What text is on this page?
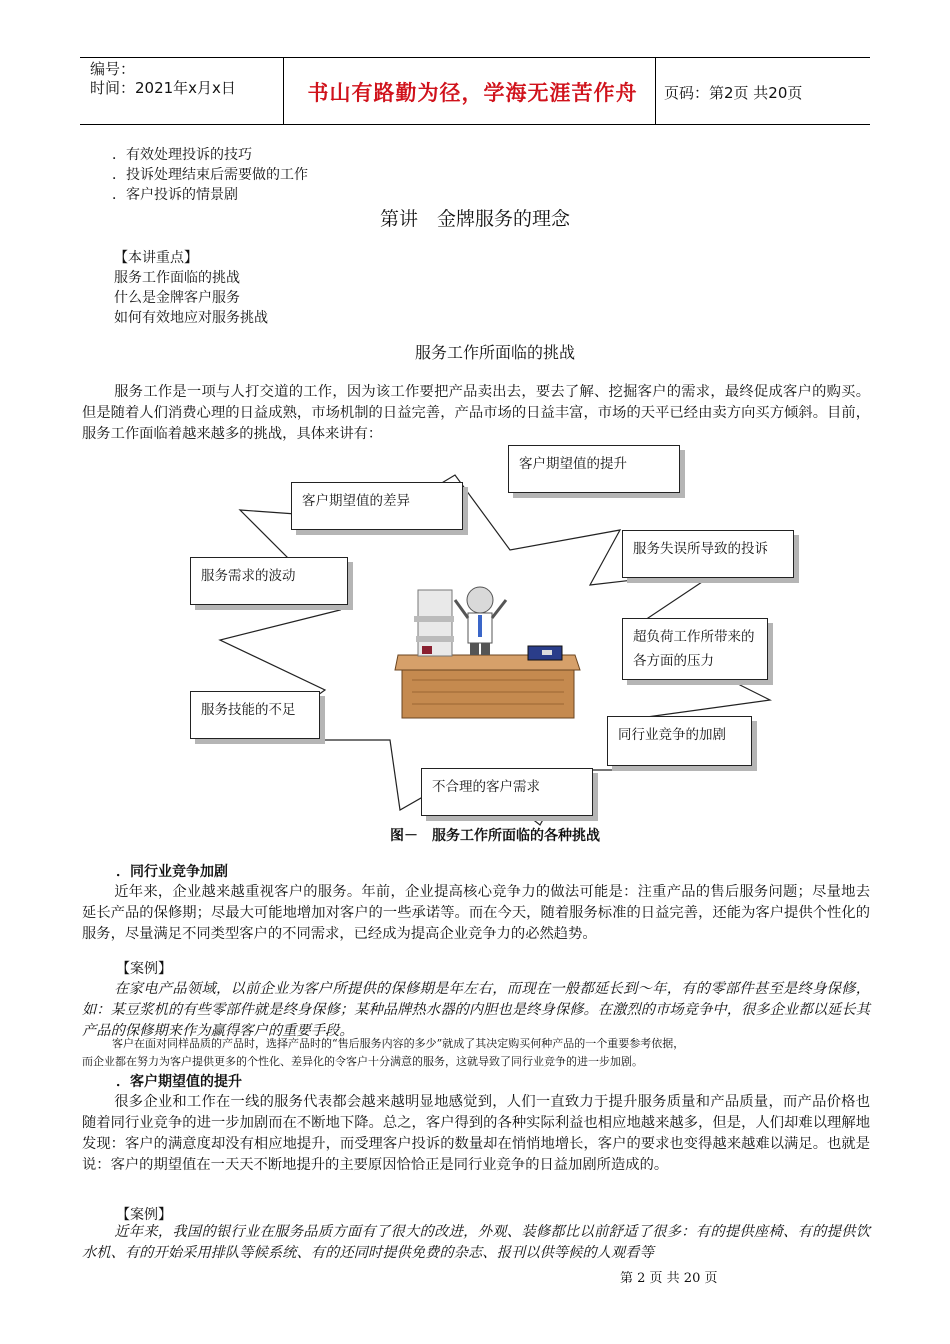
编号：
时间：2021年x月x日	书山有路勤为径，学海无涯苦作舟	页码：第2页 共20页
．有效处理投诉的技巧
．投诉处理结束后需要做的工作
．客户投诉的情景剧
第讲　金牌服务的理念
【本讲重点】
服务工作面临的挑战
什么是金牌客户服务
如何有效地应对服务挑战
服务工作所面临的挑战
服务工作是一项与人打交道的工作，因为该工作要把产品卖出去，要去了解、挖掘客户的需求，最终促成客户的购买。但是随着人们消费心理的日益成熟，市场机制的日益完善，产品市场的日益丰富，市场的天平已经由卖方向买方倾斜。目前，服务工作面临着越来越多的挑战，具体来讲有：
客户期望值的提升
客户期望值的差异
服务失误所导致的投诉
服务需求的波动
超负荷工作所带来的各方面的压力
服务技能的不足
同行业竞争的加剧
不合理的客户需求
图－　服务工作所面临的各种挑战
．同行业竞争加剧
近年来，企业越来越重视客户的服务。年前，企业提高核心竞争力的做法可能是：注重产品的售后服务问题；尽量地去延长产品的保修期；尽最大可能地增加对客户的一些承诺等。而在今天，随着服务标准的日益完善，还能为客户提供个性化的服务，尽量满足不同类型客户的不同需求，已经成为提高企业竞争力的必然趋势。
【案例】
在家电产品领域，以前企业为客户所提供的保修期是年左右，而现在一般都延长到～年，有的零部件甚至是终身保修，如：某豆浆机的有些零部件就是终身保修；某种品牌热水器的内胆也是终身保修。在激烈的市场竞争中，很多企业都以延长其产品的保修期来作为赢得客户的重要手段。
客户在面对同样品质的产品时，选择产品时的“售后服务内容的多少”就成了其决定购买何种产品的一个重要参考依据，
而企业都在努力为客户提供更多的个性化、差异化的令客户十分满意的服务，这就导致了同行业竞争的进一步加剧。
．客户期望值的提升
很多企业和工作在一线的服务代表都会越来越明显地感觉到，人们一直致力于提升服务质量和产品质量，而产品价格也随着同行业竞争的进一步加剧而在不断地下降。总之，客户得到的各种实际利益也相应地越来越多，但是，人们却难以理解地发现：客户的满意度却没有相应地提升，而受理客户投诉的数量却在悄悄地增长，客户的要求也变得越来越难以满足。也就是说：客户的期望值在一天天不断地提升的主要原因恰恰正是同行业竞争的日益加剧所造成的。
【案例】
近年来，我国的银行业在服务品质方面有了很大的改进，外观、装修都比以前舒适了很多：有的提供座椅、有的提供饮水机、有的开始采用排队等候系统、有的还同时提供免费的杂志、报刊以供等候的人观看等
第 2 页 共 20 页
